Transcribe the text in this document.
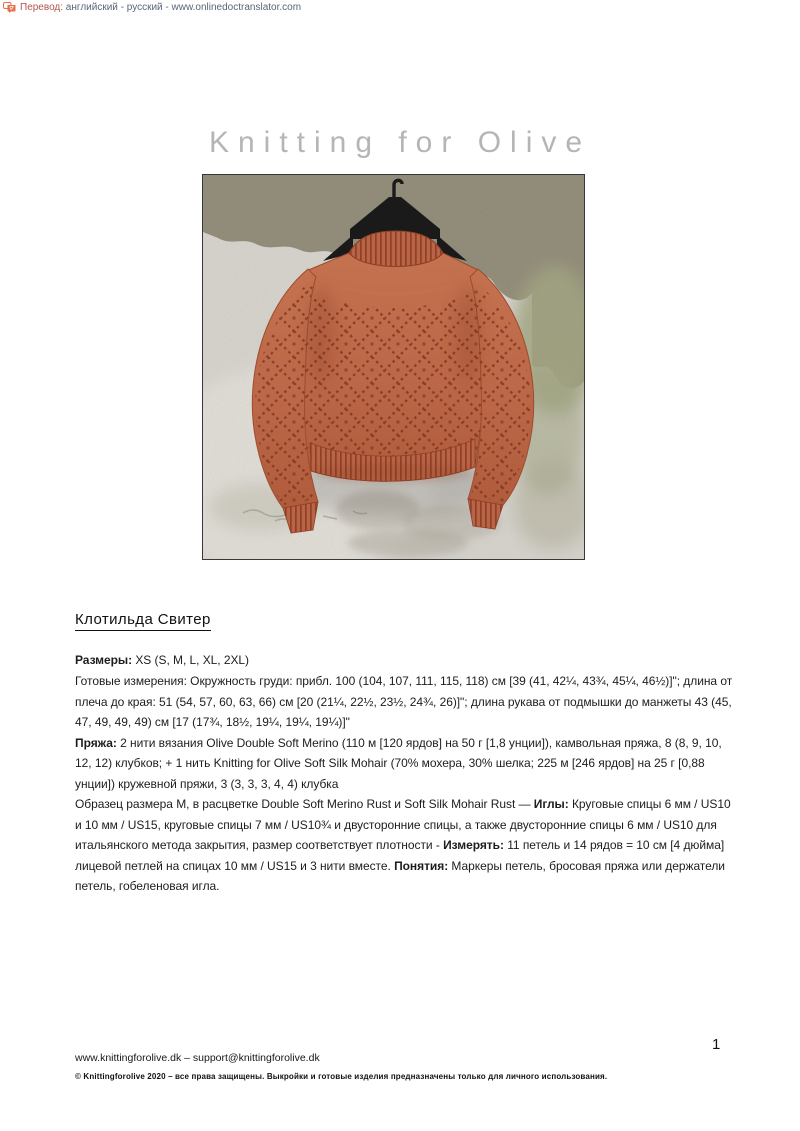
Перевод: английский - русский - www.onlinedoctranslator.com
Knitting for Olive
Клотильда Свитер

Размеры: XS (S, M, L, XL, 2XL)

Готовые измерения: Окружность груди: прибл. 100 (104, 107, 111, 115, 118) см [39 (41, 42¼, 43¾, 45¼, 46½)]"; длина от плеча до края: 51 (54, 57, 60, 63, 66) см [20 (21¼, 22½, 23½, 24¾, 26)]"; длина рукава от подмышки до манжеты 43 (45, 47, 49, 49, 49) см [17 (17¾, 18½, 19¼, 19¼, 19¼)]"

Пряжа: 2 нити вязания Olive Double Soft Merino (110 м [120 ярдов] на 50 г [1,8 унции]), камвольная пряжа, 8 (8, 9, 10, 12, 12) клубков; + 1 нить Knitting for Olive Soft Silk Mohair (70% мохера, 30% шелка; 225 м [246 ярдов] на 25 г [0,88 унции]) кружевной пряжи, 3 (3, 3, 3, 4, 4) клубка

Образец размера М, в расцветке Double Soft Merino Rust и Soft Silk Mohair Rust — Иглы: Круговые спицы 6 мм / US10 и 10 мм / US15, круговые спицы 7 мм / US10¾ и двусторонние спицы, а также двусторонние спицы 6 мм / US10 для итальянского метода закрытия, размер соответствует плотности - Измерять: 11 петель и 14 рядов = 10 см [4 дюйма] лицевой петлей на спицах 10 мм / US15 и 3 нити вместе. Понятия: Маркеры петель, бросовая пряжа или держатели петель, гобеленовая игла.

1
www.knittingforolive.dk – support@knittingforolive.dk
© Knittingforolive 2020 – все права защищены. Выкройки и готовые изделия предназначены только для личного использования.
